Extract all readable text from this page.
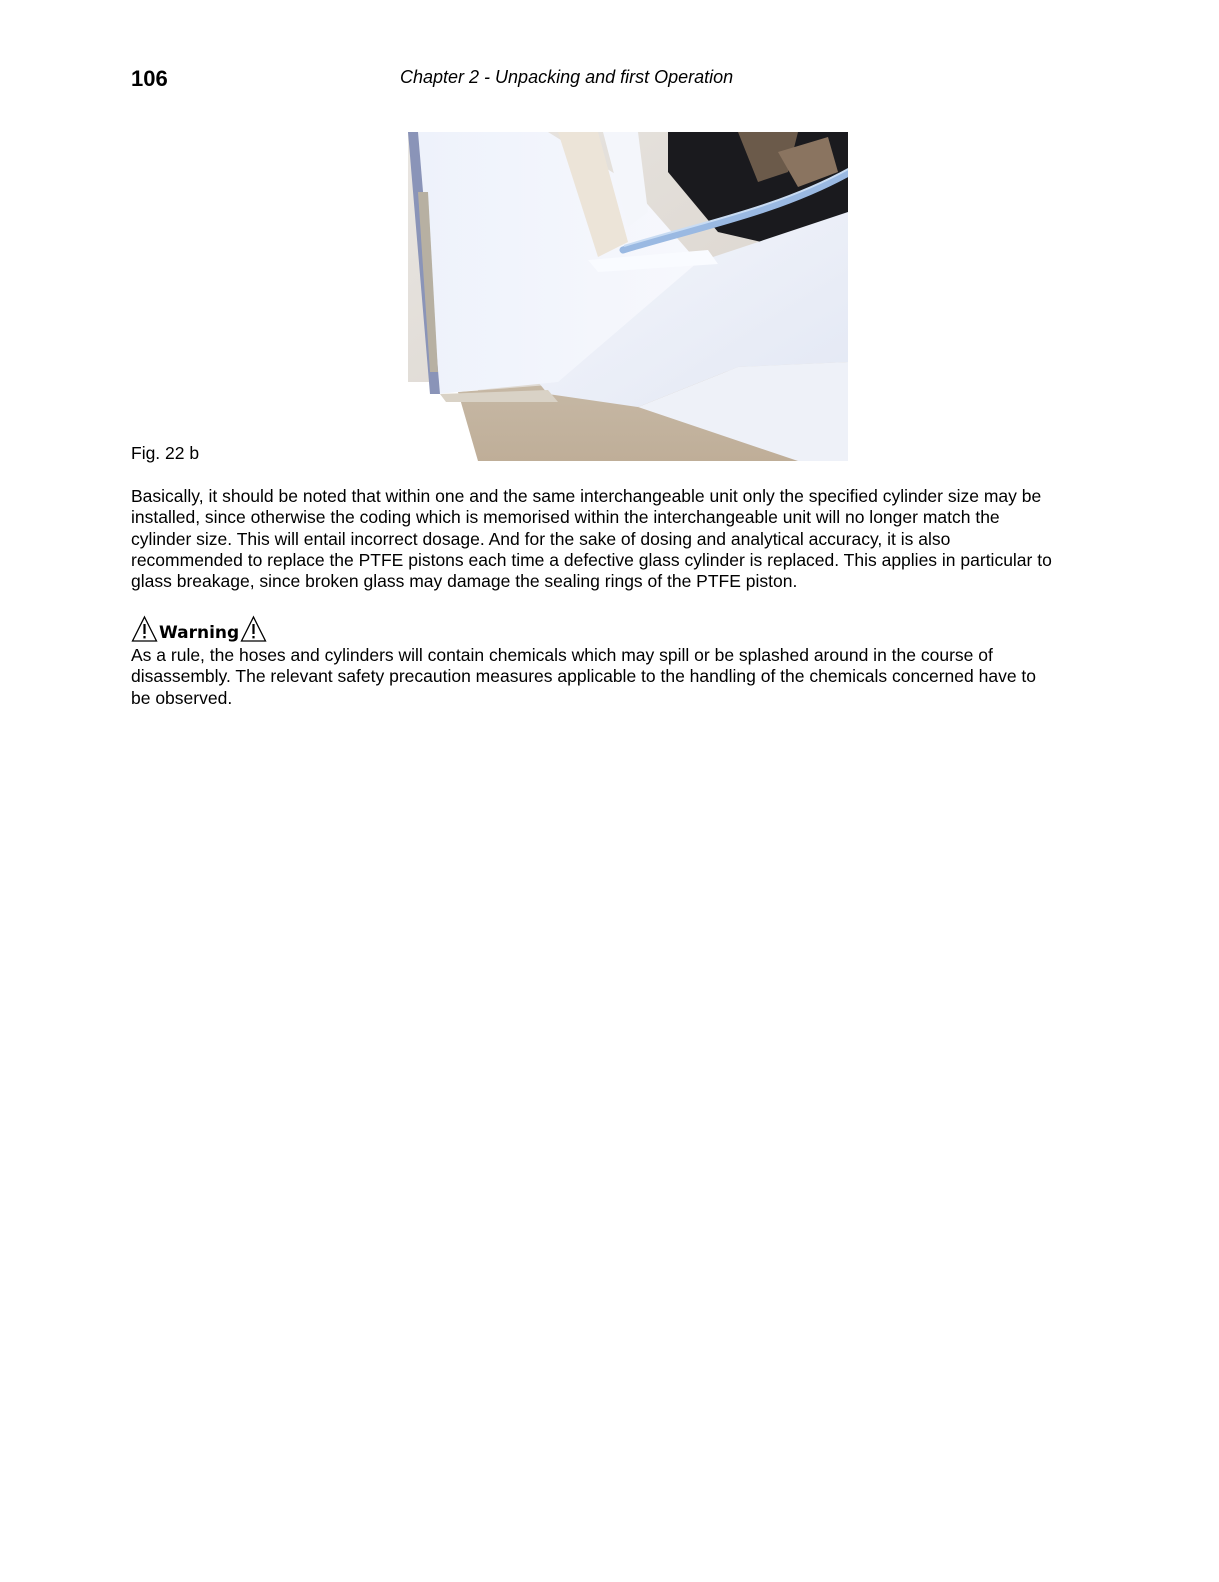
106	Chapter 2 - Unpacking and first Operation
Fig. 22 b
Basically, it should be noted that within one and the same interchangeable unit only the specified cylinder size may be installed, since otherwise the coding which is memorised within the interchangeable unit will no longer match the cylinder size. This will entail incorrect dosage. And for the sake of dosing and analytical accuracy, it is also recommended to replace the PTFE pistons each time a defective glass cylinder is replaced. This applies in particular to glass breakage, since broken glass may damage the sealing rings of the PTFE piston.
Warning
As a rule, the hoses and cylinders will contain chemicals which may spill or be splashed around in the course of disassembly. The relevant safety precaution measures applicable to the handling of the chemicals concerned have to be observed.
